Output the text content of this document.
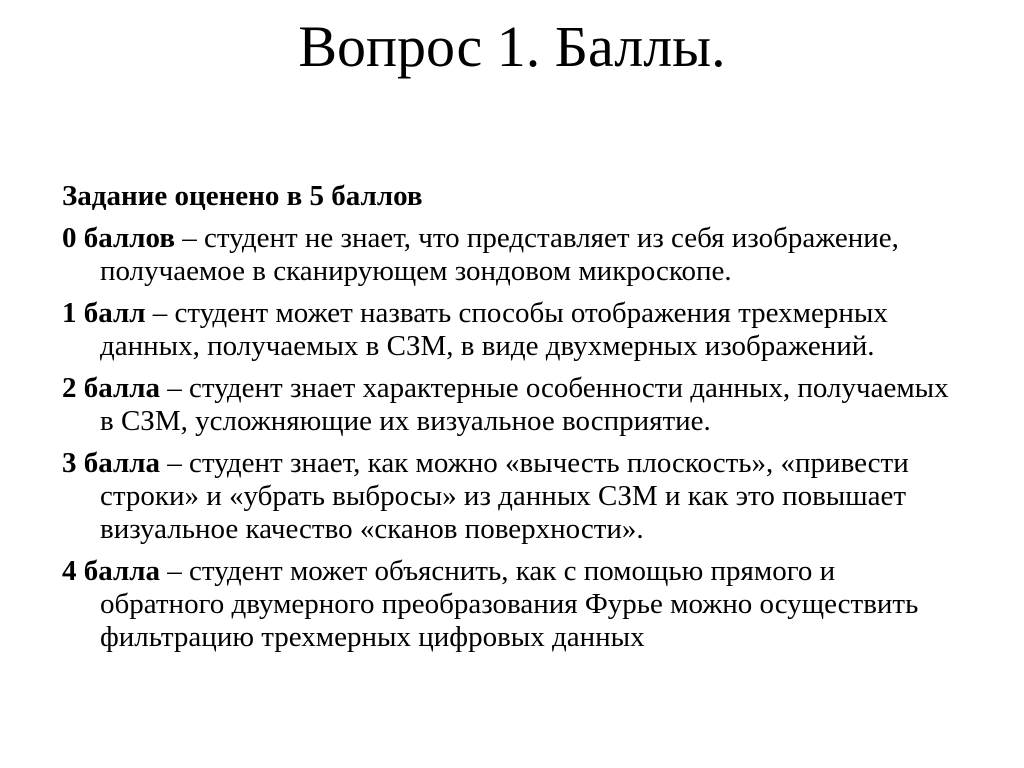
Вопрос 1. Баллы.

Задание оценено в 5 баллов

0 баллов – студент не знает, что представляет из себя изображение, получаемое в сканирующем зондовом микроскопе.

1 балл – студент может назвать способы отображения трехмерных данных, получаемых в СЗМ, в виде двухмерных изображений.

2 балла – студент знает характерные особенности данных, получаемых в СЗМ, усложняющие их визуальное восприятие.

3 балла – студент знает, как можно «вычесть плоскость», «привести строки» и «убрать выбросы» из данных СЗМ и как это повышает визуальное качество «сканов поверхности».

4 балла – студент может объяснить, как с помощью прямого и обратного двумерного преобразования Фурье можно осуществить фильтрацию трехмерных цифровых данных
